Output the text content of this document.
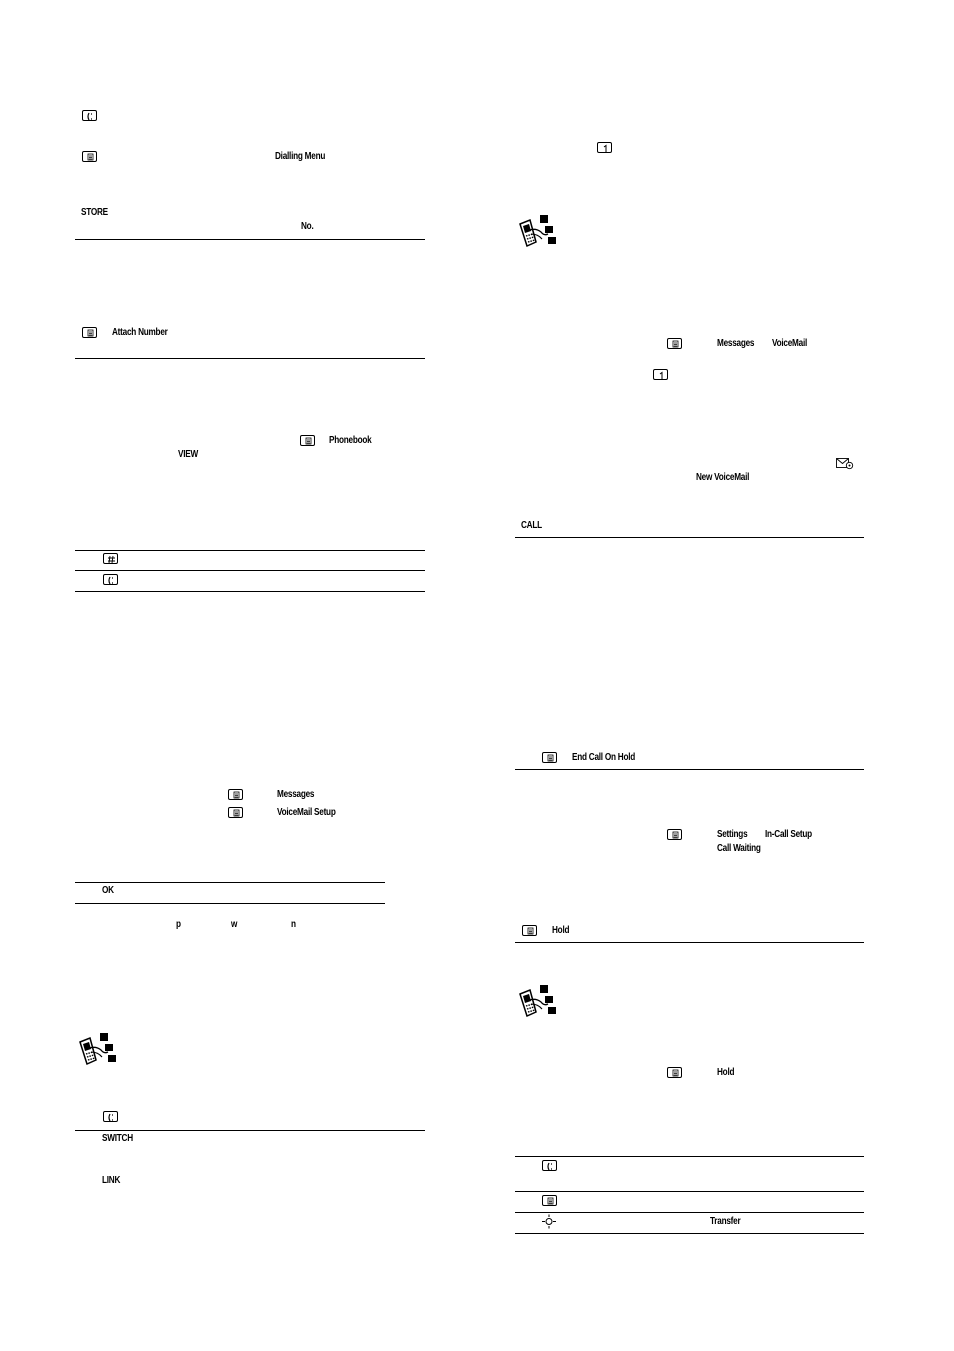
Dialling Menu
STORE
No.
Attach Number
Phonebook
VIEW
Messages
VoiceMail Setup
OK
p	w	n
SWITCH
LINK
Messages VoiceMail
New VoiceMail
CALL
End Call On Hold
Settings In-Call Setup
Call Waiting
Hold
Hold
Transfer
